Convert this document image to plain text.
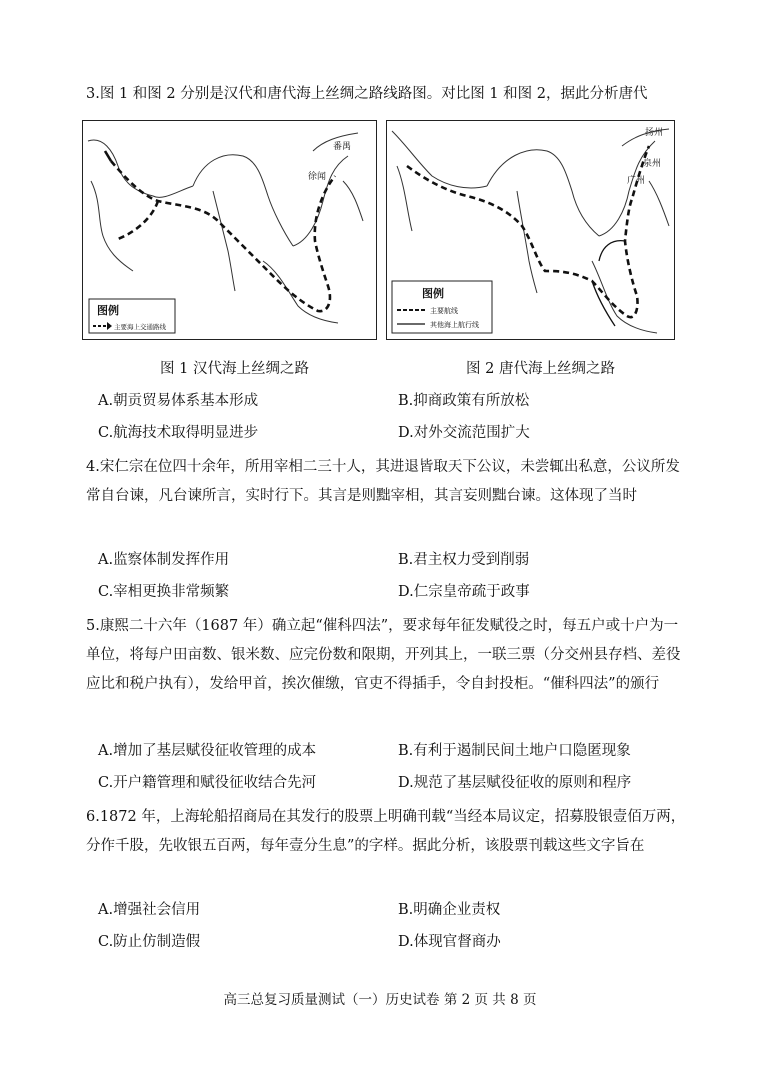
3.图 1 和图 2 分别是汉代和唐代海上丝绸之路线路图。对比图 1 和图 2，据此分析唐代
番禺
徐闻
图例
主要海上交通路线
扬州
泉州
广州
图例
主要航线
其他海上航行线
图 1 汉代海上丝绸之路	图 2 唐代海上丝绸之路
A.朝贡贸易体系基本形成	B.抑商政策有所放松
C.航海技术取得明显进步	D.对外交流范围扩大
4.宋仁宗在位四十余年，所用宰相二三十人，其进退皆取天下公议，未尝辄出私意，公议所发常自台谏，凡台谏所言，实时行下。其言是则黜宰相，其言妄则黜台谏。这体现了当时
A.监察体制发挥作用	B.君主权力受到削弱
C.宰相更换非常频繁	D.仁宗皇帝疏于政事
5.康熙二十六年（1687 年）确立起“催科四法”，要求每年征发赋役之时，每五户或十户为一单位，将每户田亩数、银米数、应完份数和限期，开列其上，一联三票（分交州县存档、差役应比和税户执有），发给甲首，挨次催缴，官吏不得插手，令自封投柜。“催科四法”的颁行
A.增加了基层赋役征收管理的成本	B.有利于遏制民间土地户口隐匿现象
C.开户籍管理和赋役征收结合先河	D.规范了基层赋役征收的原则和程序
6.1872 年，上海轮船招商局在其发行的股票上明确刊载“当经本局议定，招募股银壹佰万两，分作千股，先收银五百两，每年壹分生息”的字样。据此分析，该股票刊载这些文字旨在
A.增强社会信用	B.明确企业责权
C.防止仿制造假	D.体现官督商办
高三总复习质量测试（一）历史试卷 第 2 页 共 8 页
